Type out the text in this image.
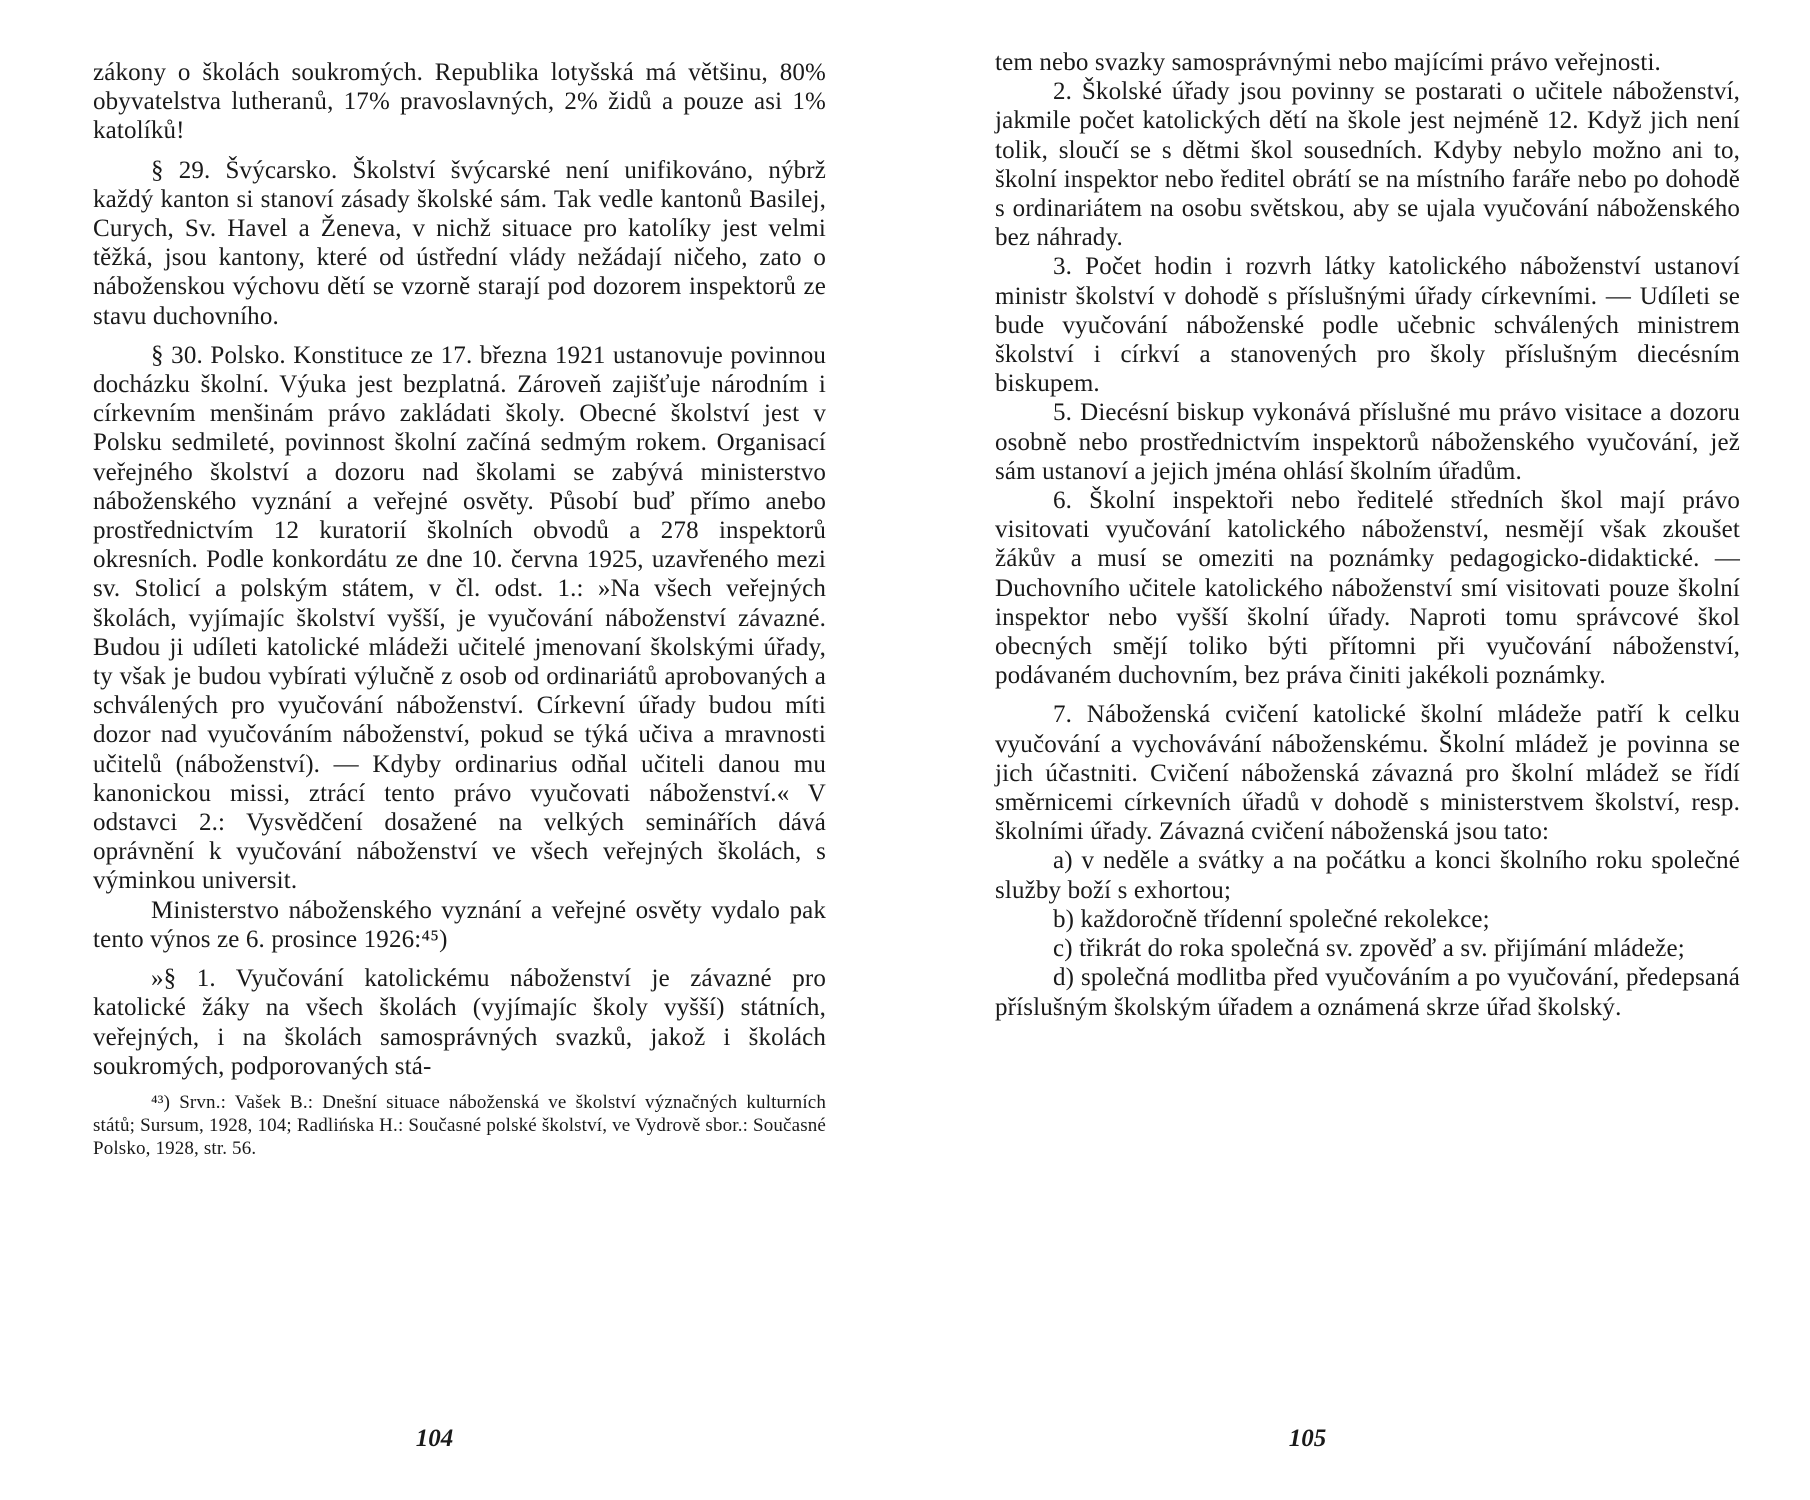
zákony o školách soukromých. Republika lotyšská má většinu, 80% obyvatelstva lutheranů, 17% pravoslavných, 2% židů a pouze asi 1% katolíků!

§ 29. Švýcarsko. Školství švýcarské není unifikováno, nýbrž každý kanton si stanoví zásady školské sám. Tak vedle kantonů Basilej, Curych, Sv. Havel a Ženeva, v nichž situace pro katolíky jest velmi těžká, jsou kantony, které od ústřední vlády nežádají ničeho, zato o náboženskou výchovu dětí se vzorně starají pod dozorem inspektorů ze stavu duchovního.

§ 30. Polsko. Konstituce ze 17. března 1921 ustanovuje povinnou docházku školní. Výuka jest bezplatná. Zároveň zajišťuje národním i církevním menšinám právo zakládati školy. Obecné školství jest v Polsku sedmileté, povinnost školní začíná sedmým rokem. Organisací veřejného školství a dozoru nad školami se zabývá ministerstvo náboženského vyznání a veřejné osvěty. Působí buď přímo anebo prostřednictvím 12 kuratorií školních obvodů a 278 inspektorů okresních. Podle konkordátu ze dne 10. června 1925, uzavřeného mezi sv. Stolicí a polským státem, v čl. odst. 1.: »Na všech veřejných školách, vyjímajíc školství vyšší, je vyučování náboženství závazné. Budou ji udíleti katolické mládeži učitelé jmenovaní školskými úřady, ty však je budou vybírati výlučně z osob od ordinariátů aprobovaných a schválených pro vyučování náboženství. Církevní úřady budou míti dozor nad vyučováním náboženství, pokud se týká učiva a mravnosti učitelů (náboženství). — Kdyby ordinarius odňal učiteli danou mu kanonickou missi, ztrácí tento právo vyučovati náboženství.« V odstavci 2.: Vysvědčení dosažené na velkých seminářích dává oprávnění k vyučování náboženství ve všech veřejných školách, s výminkou universit.

Ministerstvo náboženského vyznání a veřejné osvěty vydalo pak tento výnos ze 6. prosince 1926:⁴⁵)

»§ 1. Vyučování katolickému náboženství je závazné pro katolické žáky na všech školách (vyjímajíc školy vyšší) státních, veřejných, i na školách samosprávných svazků, jakož i školách soukromých, podporovaných stá-

⁴³) Srvn.: Vašek B.: Dnešní situace náboženská ve školství význačných kulturních států; Sursum, 1928, 104; Radlińska H.: Současné polské školství, ve Vydrově sbor.: Současné Polsko, 1928, str. 56.
104

tem nebo svazky samosprávnými nebo majícími právo veřejnosti.

2. Školské úřady jsou povinny se postarati o učitele náboženství, jakmile počet katolických dětí na škole jest nejméně 12. Když jich není tolik, sloučí se s dětmi škol sousedních. Kdyby nebylo možno ani to, školní inspektor nebo ředitel obrátí se na místního faráře nebo po dohodě s ordinariátem na osobu světskou, aby se ujala vyučování náboženského bez náhrady.

3. Počet hodin i rozvrh látky katolického náboženství ustanoví ministr školství v dohodě s příslušnými úřady církevními. — Udíleti se bude vyučování náboženské podle učebnic schválených ministrem školství i církví a stanovených pro školy příslušným diecésním biskupem.

5. Diecésní biskup vykonává příslušné mu právo visitace a dozoru osobně nebo prostřednictvím inspektorů náboženského vyučování, jež sám ustanoví a jejich jména ohlásí školním úřadům.

6. Školní inspektoři nebo ředitelé středních škol mají právo visitovati vyučování katolického náboženství, nesmějí však zkoušet žákův a musí se omeziti na poznámky pedagogicko-didaktické. — Duchovního učitele katolického náboženství smí visitovati pouze školní inspektor nebo vyšší školní úřady. Naproti tomu správcové škol obecných smějí toliko býti přítomni při vyučování náboženství, podávaném duchovním, bez práva činiti jakékoli poznámky.

7. Náboženská cvičení katolické školní mládeže patří k celku vyučování a vychovávání náboženskému. Školní mládež je povinna se jich účastniti. Cvičení náboženská závazná pro školní mládež se řídí směrnicemi církevních úřadů v dohodě s ministerstvem školství, resp. školními úřady. Závazná cvičení náboženská jsou tato:

a) v neděle a svátky a na počátku a konci školního roku společné služby boží s exhortou;

b) každoročně třídenní společné rekolekce;

c) třikrát do roka společná sv. zpověď a sv. přijímání mládeže;

d) společná modlitba před vyučováním a po vyučování, předepsaná příslušným školským úřadem a oznámená skrze úřad školský.

105
